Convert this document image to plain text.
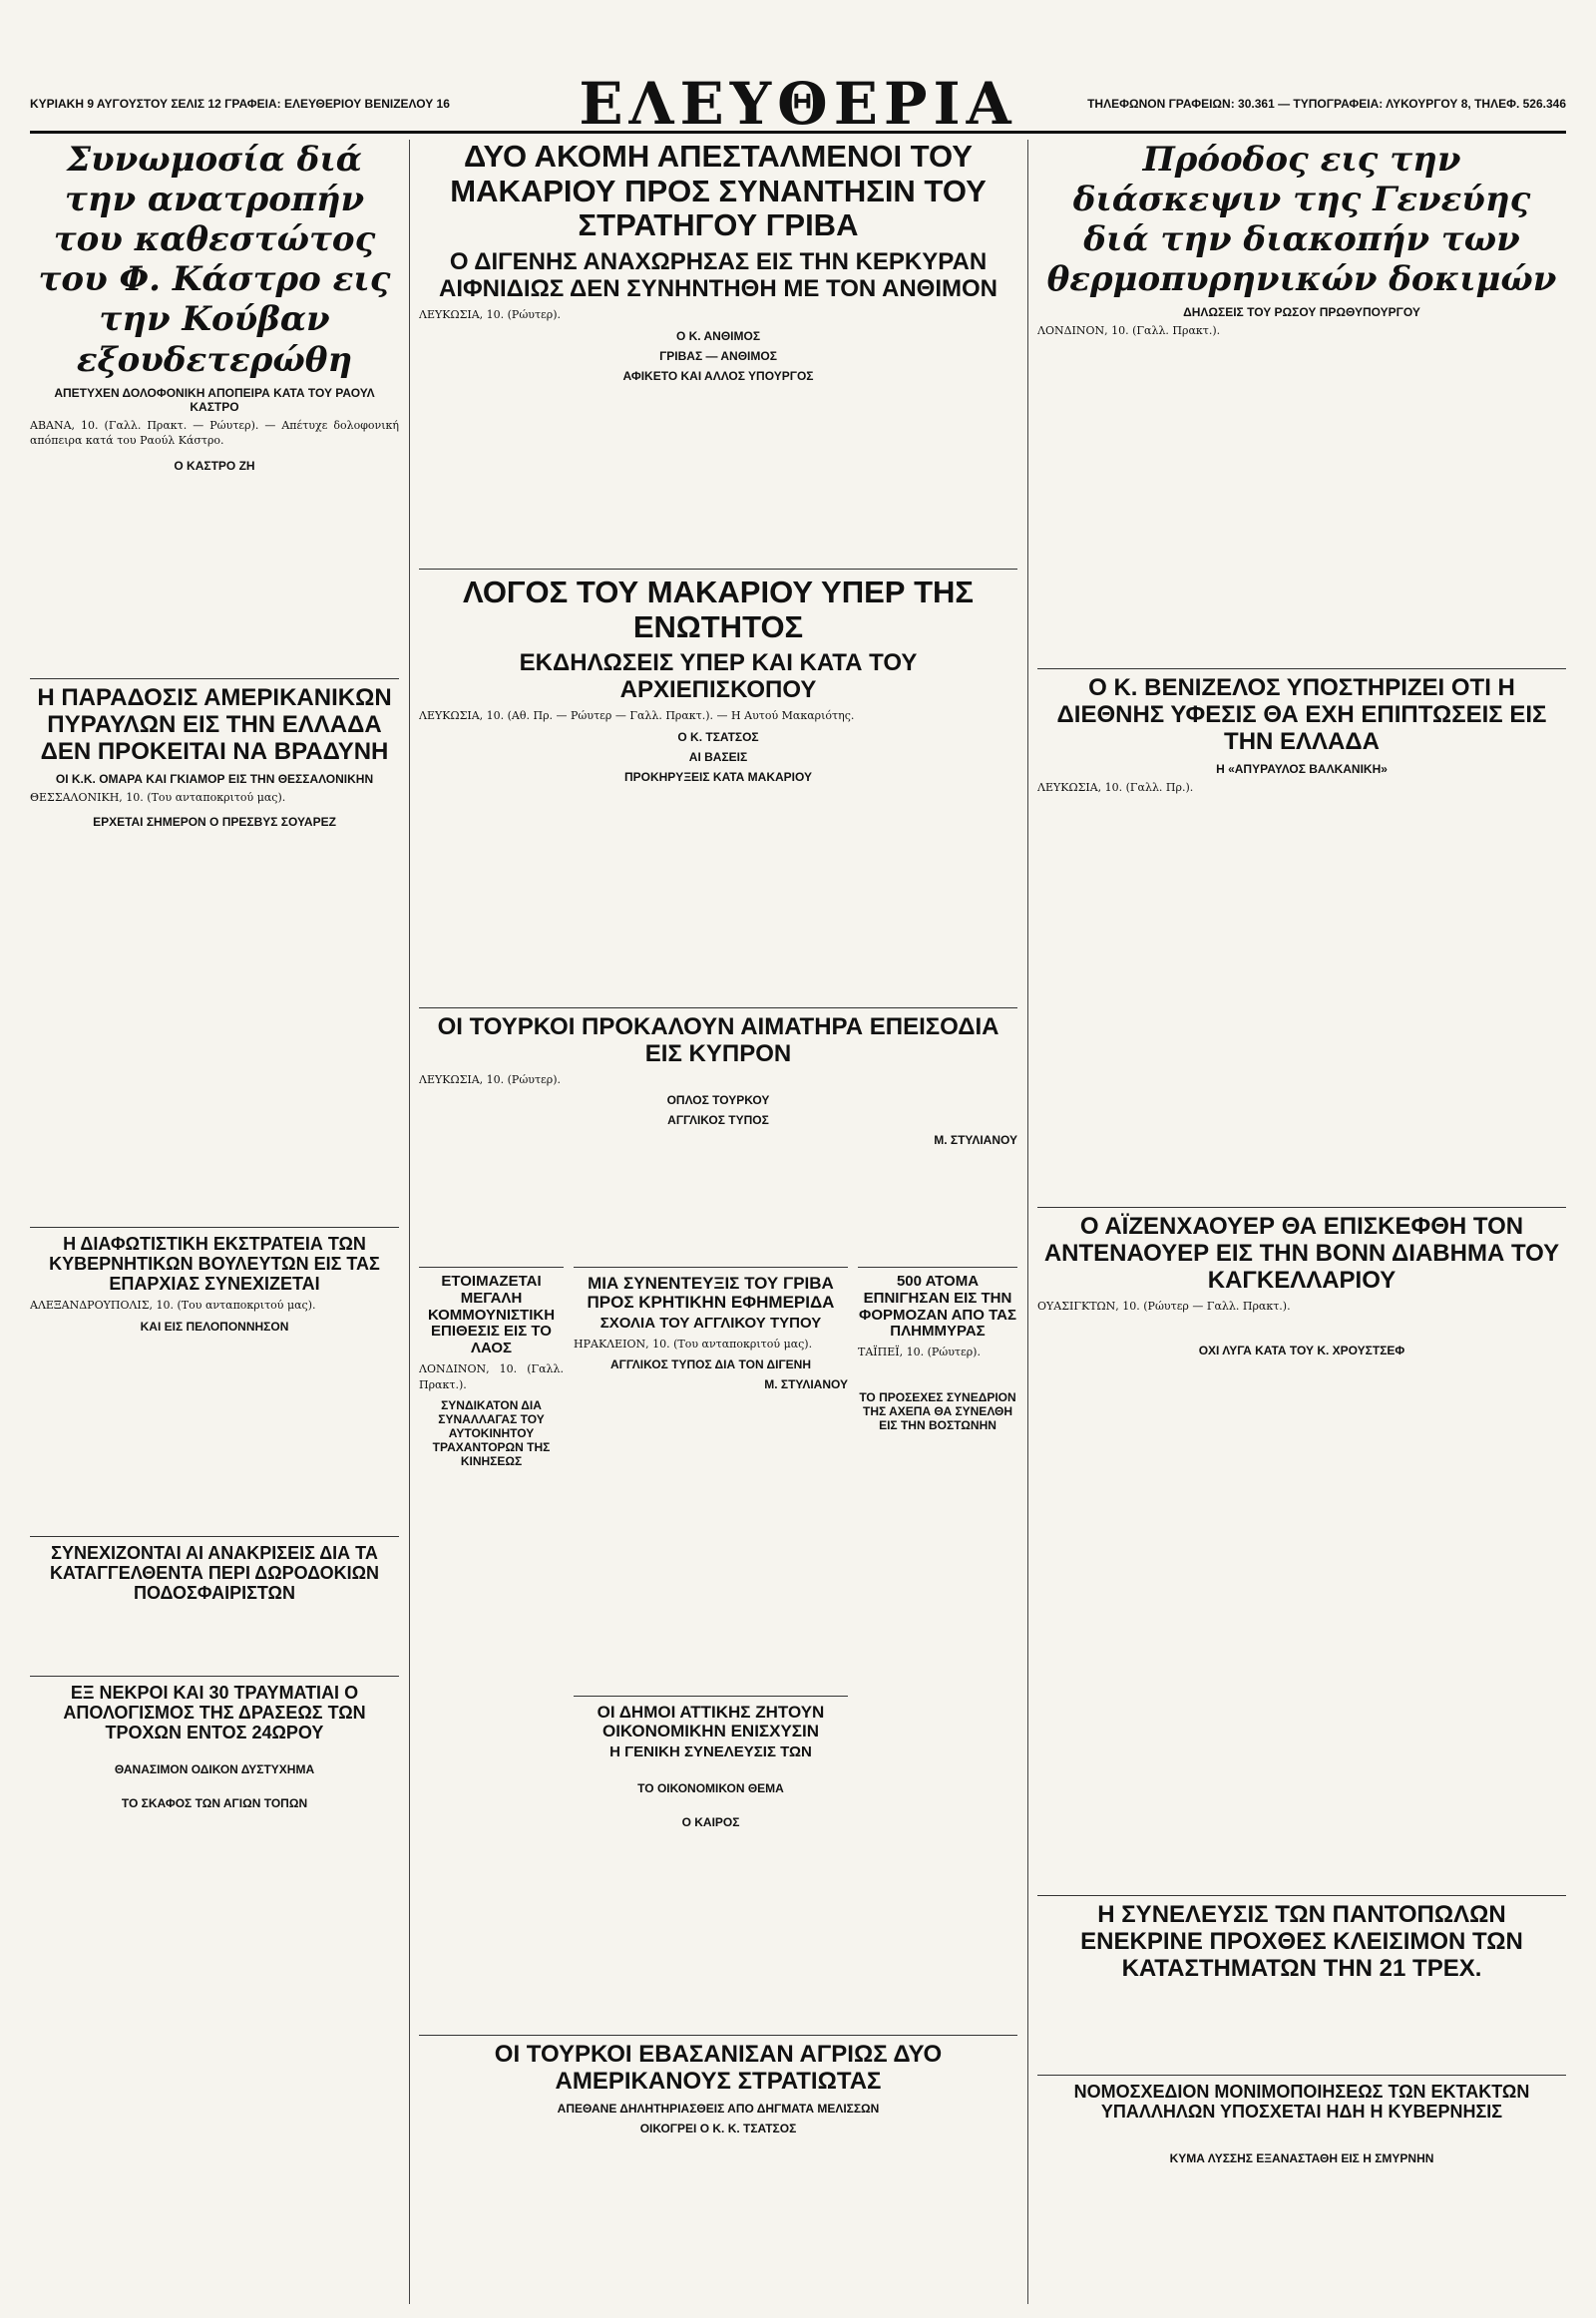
ΚΥΡΙΑΚΗ 9 ΑΥΓΟΥΣΤΟΥ ΣΕΛΙΣ 12 ΓΡΑΦΕΙΑ: ΕΛΕΥΘΕΡΙΟΥ ΒΕΝΙΖΕΛΟΥ 16	ΕΛΕΥΘΕΡΙΑ	ΤΗΛΕΦΩΝΟΝ ΓΡΑΦΕΙΩΝ: 30.361 — ΤΥΠΟΓΡΑΦΕΙΑ: ΛΥΚΟΥΡΓΟΥ 8, ΤΗΛΕΦ. 526.346
Συνωμοσία διά την ανατροπήν του καθεστώτος του Φ. Κάστρο εις την Κούβαν εξουδετερώθη
ΑΠΕΤΥΧΕΝ ΔΟΛΟΦΟΝΙΚΗ ΑΠΟΠΕΙΡΑ ΚΑΤΑ ΤΟΥ ΡΑΟΥΛ ΚΑΣΤΡΟ

ΑΒΑΝΑ, 10. (Γαλλ. Πρακτ. — Ρώυτερ). — Απέτυχε δολοφονική απόπειρα κατά του Ραούλ Κάστρο.

Ο ΚΑΣΤΡΟ ΖΗ
Η ΠΑΡΑΔΟΣΙΣ ΑΜΕΡΙΚΑΝΙΚΩΝ ΠΥΡΑΥΛΩΝ ΕΙΣ ΤΗΝ ΕΛΛΑΔΑ ΔΕΝ ΠΡΟΚΕΙΤΑΙ ΝΑ ΒΡΑΔΥΝΗ
ΟΙ Κ.Κ. ΟΜΑΡΑ ΚΑΙ ΓΚΙΑΜΟΡ ΕΙΣ ΤΗΝ ΘΕΣΣΑΛΟΝΙΚΗΝ

ΘΕΣΣΑΛΟΝΙΚΗ, 10. (Του ανταποκριτού μας).

ΕΡΧΕΤΑΙ ΣΗΜΕΡΟΝ Ο ΠΡΕΣΒΥΣ ΣΟΥΑΡΕΖ
Η ΔΙΑΦΩΤΙΣΤΙΚΗ ΕΚΣΤΡΑΤΕΙΑ ΤΩΝ ΚΥΒΕΡΝΗΤΙΚΩΝ ΒΟΥΛΕΥΤΩΝ ΕΙΣ ΤΑΣ ΕΠΑΡΧΙΑΣ ΣΥΝΕΧΙΖΕΤΑΙ

ΑΛΕΞΑΝΔΡΟΥΠΟΛΙΣ, 10. (Του ανταποκριτού μας).

ΚΑΙ ΕΙΣ ΠΕΛΟΠΟΝΝΗΣΟΝ
ΣΥΝΕΧΙΖΟΝΤΑΙ ΑΙ ΑΝΑΚΡΙΣΕΙΣ ΔΙΑ ΤΑ ΚΑΤΑΓΓΕΛΘΕΝΤΑ ΠΕΡΙ ΔΩΡΟΔΟΚΙΩΝ ΠΟΔΟΣΦΑΙΡΙΣΤΩΝ
ΕΞ ΝΕΚΡΟΙ ΚΑΙ 30 ΤΡΑΥΜΑΤΙΑΙ Ο ΑΠΟΛΟΓΙΣΜΟΣ ΤΗΣ ΔΡΑΣΕΩΣ ΤΩΝ ΤΡΟΧΩΝ ΕΝΤΟΣ 24ΩΡΟΥ
ΘΑΝΑΣΙΜΟΝ ΟΔΙΚΟΝ ΔΥΣΤΥΧΗΜΑ
ΤΟ ΣΚΑΦΟΣ ΤΩΝ ΑΓΙΩΝ ΤΟΠΩΝ
ΔΥΟ ΑΚΟΜΗ ΑΠΕΣΤΑΛΜΕΝΟΙ ΤΟΥ ΜΑΚΑΡΙΟΥ ΠΡΟΣ ΣΥΝΑΝΤΗΣΙΝ ΤΟΥ ΣΤΡΑΤΗΓΟΥ ΓΡΙΒΑ
Ο ΔΙΓΕΝΗΣ ΑΝΑΧΩΡΗΣΑΣ ΕΙΣ ΤΗΝ ΚΕΡΚΥΡΑΝ ΑΙΦΝΙΔΙΩΣ ΔΕΝ ΣΥΝΗΝΤΗΘΗ ΜΕ ΤΟΝ ΑΝΘΙΜΟΝ

ΛΕΥΚΩΣΙΑ, 10. (Ρώυτερ).

Ο Κ. ΑΝΘΙΜΟΣ
ΓΡΙΒΑΣ — ΑΝΘΙΜΟΣ
ΑΦΙΚΕΤΟ ΚΑΙ ΑΛΛΟΣ ΥΠΟΥΡΓΟΣ
ΛΟΓΟΣ ΤΟΥ ΜΑΚΑΡΙΟΥ ΥΠΕΡ ΤΗΣ ΕΝΩΤΗΤΟΣ
ΕΚΔΗΛΩΣΕΙΣ ΥΠΕΡ ΚΑΙ ΚΑΤΑ ΤΟΥ ΑΡΧΙΕΠΙΣΚΟΠΟΥ

ΛΕΥΚΩΣΙΑ, 10. (Αθ. Πρ. — Ρώυτερ — Γαλλ. Πρακτ.). — Η Αυτού Μακαριότης.

Ο Κ. ΤΣΑΤΣΟΣ
ΑΙ ΒΑΣΕΙΣ
ΠΡΟΚΗΡΥΞΕΙΣ ΚΑΤΑ ΜΑΚΑΡΙΟΥ
ΟΙ ΤΟΥΡΚΟΙ ΠΡΟΚΑΛΟΥΝ ΑΙΜΑΤΗΡΑ ΕΠΕΙΣΟΔΙΑ ΕΙΣ ΚΥΠΡΟΝ

ΛΕΥΚΩΣΙΑ, 10. (Ρώυτερ).

ΟΠΛΟΣ ΤΟΥΡΚΟΥ
ΑΓΓΛΙΚΟΣ ΤΥΠΟΣ
Μ. ΣΤΥΛΙΑΝΟΥ
ΕΤΟΙΜΑΖΕΤΑΙ ΜΕΓΑΛΗ ΚΟΜΜΟΥΝΙΣΤΙΚΗ ΕΠΙΘΕΣΙΣ ΕΙΣ ΤΟ ΛΑΟΣ

ΛΟΝΔΙΝΟΝ, 10. (Γαλλ. Πρακτ.).

ΣΥΝΔΙΚΑΤΟΝ ΔΙΑ ΣΥΝΑΛΛΑΓΑΣ ΤΟΥ ΑΥΤΟΚΙΝΗΤΟΥ ΤΡΑΧΑΝΤΟΡΩΝ ΤΗΣ ΚΙΝΗΣΕΩΣ
ΜΙΑ ΣΥΝΕΝΤΕΥΞΙΣ ΤΟΥ ΓΡΙΒΑ ΠΡΟΣ ΚΡΗΤΙΚΗΝ ΕΦΗΜΕΡΙΔΑ
ΣΧΟΛΙΑ ΤΟΥ ΑΓΓΛΙΚΟΥ ΤΥΠΟΥ

ΗΡΑΚΛΕΙΟΝ, 10. (Του ανταποκριτού μας).

ΑΓΓΛΙΚΟΣ ΤΥΠΟΣ ΔΙΑ ΤΟΝ ΔΙΓΕΝΗ
Μ. ΣΤΥΛΙΑΝΟΥ
500 ΑΤΟΜΑ ΕΠΝΙΓΗΣΑΝ ΕΙΣ ΤΗΝ ΦΟΡΜΟΖΑΝ ΑΠΟ ΤΑΣ ΠΛΗΜΜΥΡΑΣ

ΤΑΪΠΕΪ, 10. (Ρώυτερ).

ΤΟ ΠΡΟΣΕΧΕΣ ΣΥΝΕΔΡΙΟΝ ΤΗΣ ΑΧΕΠΑ ΘΑ ΣΥΝΕΛΘΗ ΕΙΣ ΤΗΝ ΒΟΣΤΩΝΗΝ
ΟΙ ΔΗΜΟΙ ΑΤΤΙΚΗΣ ΖΗΤΟΥΝ ΟΙΚΟΝΟΜΙΚΗΝ ΕΝΙΣΧΥΣΙΝ
Η ΓΕΝΙΚΗ ΣΥΝΕΛΕΥΣΙΣ ΤΩΝ
ΤΟ ΟΙΚΟΝΟΜΙΚΟΝ ΘΕΜΑ
Ο ΚΑΙΡΟΣ
ΟΙ ΤΟΥΡΚΟΙ ΕΒΑΣΑΝΙΣΑΝ ΑΓΡΙΩΣ ΔΥΟ ΑΜΕΡΙΚΑΝΟΥΣ ΣΤΡΑΤΙΩΤΑΣ
ΑΠΕΘΑΝΕ ΔΗΛΗΤΗΡΙΑΣΘΕΙΣ ΑΠΟ ΔΗΓΜΑΤΑ ΜΕΛΙΣΣΩΝ
ΟΙΚΟΓΡΕΙ Ο Κ. Κ. ΤΣΑΤΣΟΣ
Πρόοδος εις την διάσκεψιν της Γενεύης διά την διακοπήν των θερμοπυρηνικών δοκιμών
ΔΗΛΩΣΕΙΣ ΤΟΥ ΡΩΣΟΥ ΠΡΩΘΥΠΟΥΡΓΟΥ

ΛΟΝΔΙΝΟΝ, 10. (Γαλλ. Πρακτ.).

Ο Κ. ΒΕΝΙΖΕΛΟΣ ΥΠΟΣΤΗΡΙΖΕΙ ΟΤΙ Η ΔΙΕΘΝΗΣ ΥΦΕΣΙΣ ΘΑ ΕΧΗ ΕΠΙΠΤΩΣΕΙΣ ΕΙΣ ΤΗΝ ΕΛΛΑΔΑ
Η «ΑΠΥΡΑΥΛΟΣ ΒΑΛΚΑΝΙΚΗ»

ΛΕΥΚΩΣΙΑ, 10. (Γαλλ. Πρ.).

Ο ΑΪΖΕΝΧΑΟΥΕΡ ΘΑ ΕΠΙΣΚΕΦΘΗ ΤΟΝ ΑΝΤΕΝΑΟΥΕΡ ΕΙΣ ΤΗΝ ΒΟΝΝ ΔΙΑΒΗΜΑ ΤΟΥ ΚΑΓΚΕΛΛΑΡΙΟΥ

ΟΥΑΣΙΓΚΤΩΝ, 10. (Ρώυτερ — Γαλλ. Πρακτ.).

ΟΧΙ ΛΥΓΑ ΚΑΤΑ ΤΟΥ Κ. ΧΡΟΥΣΤΣΕΦ
Η ΣΥΝΕΛΕΥΣΙΣ ΤΩΝ ΠΑΝΤΟΠΩΛΩΝ ΕΝΕΚΡΙΝΕ ΠΡΟΧΘΕΣ ΚΛΕΙΣΙΜΟΝ ΤΩΝ ΚΑΤΑΣΤΗΜΑΤΩΝ ΤΗΝ 21 ΤΡΕΧ.
ΝΟΜΟΣΧΕΔΙΟΝ ΜΟΝΙΜΟΠΟΙΗΣΕΩΣ ΤΩΝ ΕΚΤΑΚΤΩΝ ΥΠΑΛΛΗΛΩΝ ΥΠΟΣΧΕΤΑΙ ΗΔΗ Η ΚΥΒΕΡΝΗΣΙΣ
ΚΥΜΑ ΛΥΣΣΗΣ ΕΞΑΝΑΣΤΑΘΗ ΕΙΣ Η ΣΜΥΡΝΗΝ
